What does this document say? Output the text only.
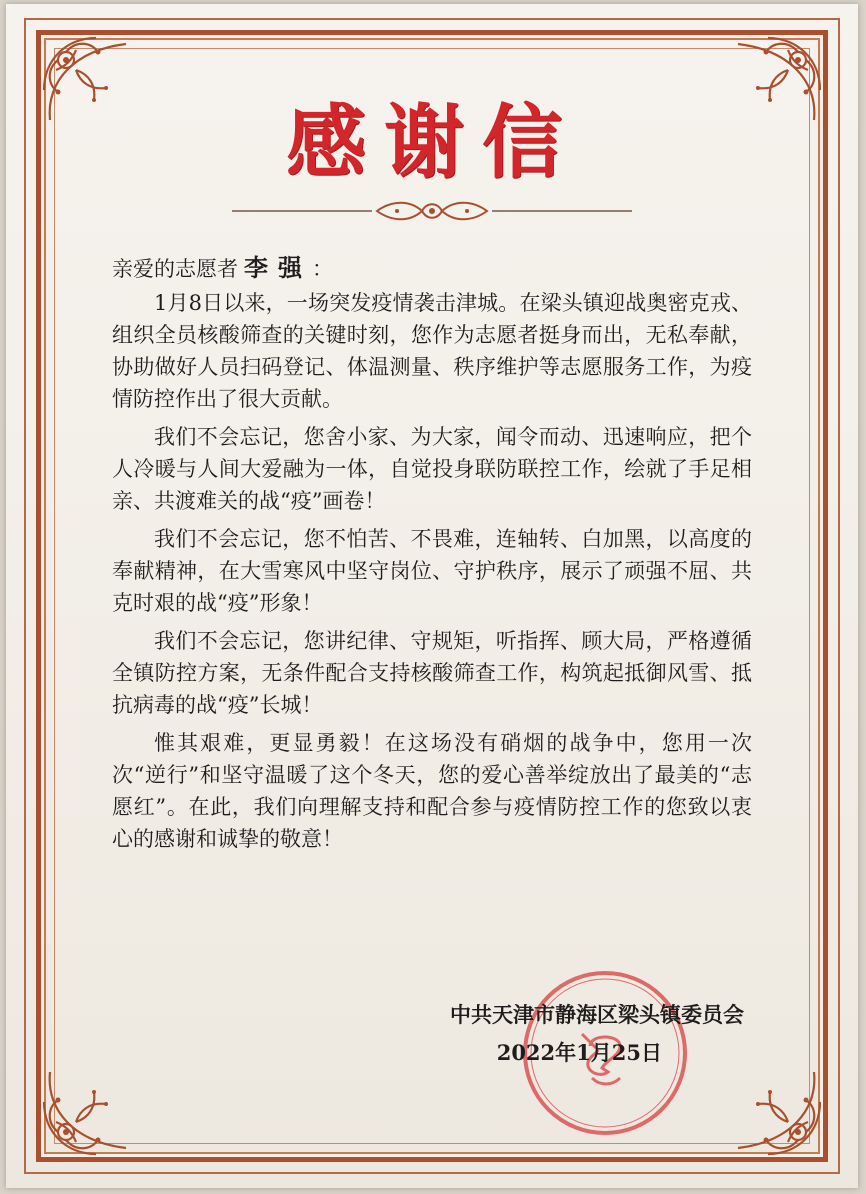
感谢信
亲爱的志愿者 李强：

1月8日以来，一场突发疫情袭击津城。在梁头镇迎战奥密克戎、组织全员核酸筛查的关键时刻，您作为志愿者挺身而出，无私奉献，协助做好人员扫码登记、体温测量、秩序维护等志愿服务工作，为疫情防控作出了很大贡献。

我们不会忘记，您舍小家、为大家，闻令而动、迅速响应，把个人冷暖与人间大爱融为一体，自觉投身联防联控工作，绘就了手足相亲、共渡难关的战“疫”画卷！

我们不会忘记，您不怕苦、不畏难，连轴转、白加黑，以高度的奉献精神，在大雪寒风中坚守岗位、守护秩序，展示了顽强不屈、共克时艰的战“疫”形象！

我们不会忘记，您讲纪律、守规矩，听指挥、顾大局，严格遵循全镇防控方案，无条件配合支持核酸筛查工作，构筑起抵御风雪、抵抗病毒的战“疫”长城！

惟其艰难，更显勇毅！在这场没有硝烟的战争中，您用一次次“逆行”和坚守温暖了这个冬天，您的爱心善举绽放出了最美的“志愿红”。在此，我们向理解支持和配合参与疫情防控工作的您致以衷心的感谢和诚挚的敬意！

中共天津市静海区梁头镇委员会
2022年1月25日
